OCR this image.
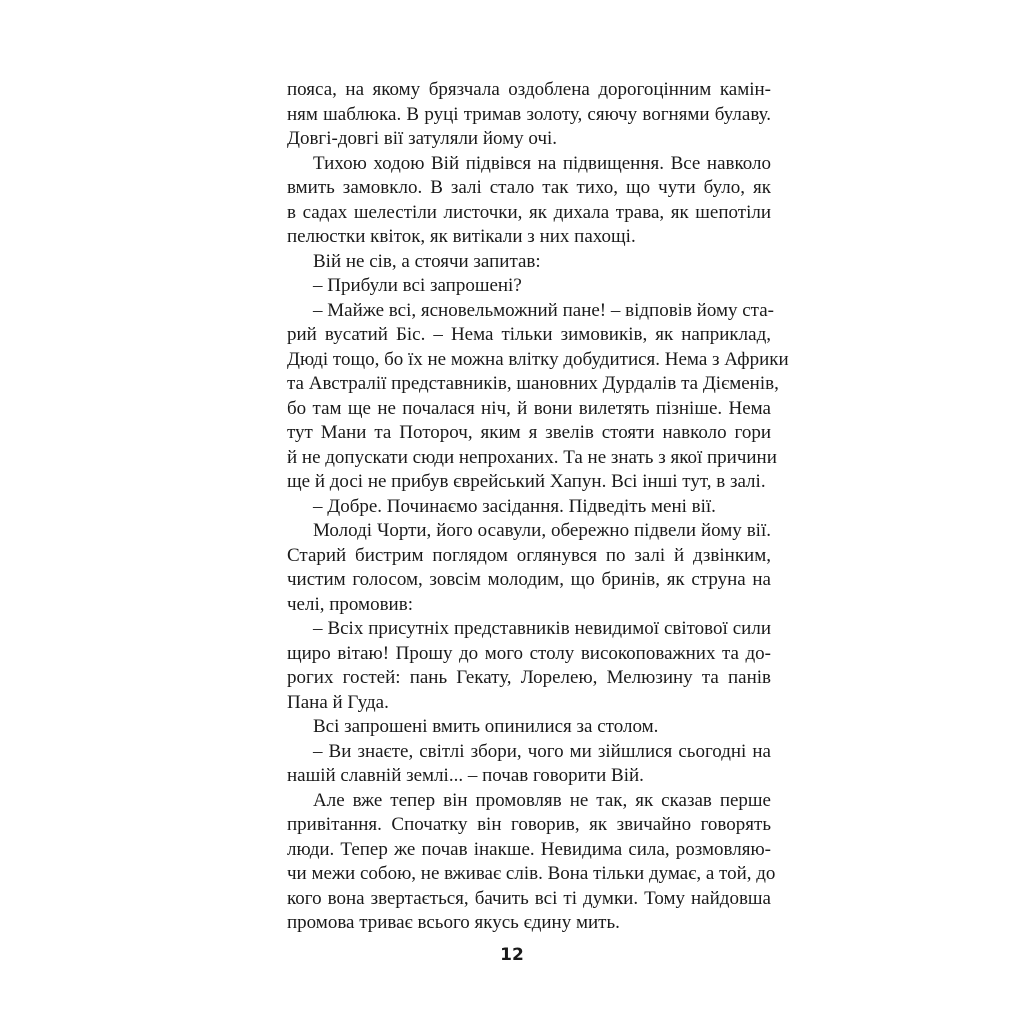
пояса, на якому брязчала оздоблена дорогоцінним камін-
ням шаблюка. В руці тримав золоту, сяючу вогнями булаву.
Довгі-довгі вії затуляли йому очі.
Тихою ходою Вій підвівся на підвищення. Все навколо
вмить замовкло. В залі стало так тихо, що чути було, як
в садах шелестіли листочки, як дихала трава, як шепотіли
пелюстки квіток, як витікали з них пахощі.
Вій не сів, а стоячи запитав:
– Прибули всі запрошені?
– Майже всі, ясновельможний пане! – відповів йому ста-
рий вусатий Біс. – Нема тільки зимовиків, як наприклад,
Дюді тощо, бо їх не можна влітку добудитися. Нема з Африки
та Австралії представників, шановних Дурдалів та Дієменів,
бо там ще не почалася ніч, й вони вилетять пізніше. Нема
тут Мани та Потороч, яким я звелів стояти навколо гори
й не допускати сюди непроханих. Та не знать з якої причини
ще й досі не прибув єврейський Хапун. Всі інші тут, в залі.
– Добре. Починаємо засідання. Підведіть мені вії.
Молоді Чорти, його осавули, обережно підвели йому вії.
Старий бистрим поглядом оглянувся по залі й дзвінким,
чистим голосом, зовсім молодим, що бринів, як струна на
челі, промовив:
– Всіх присутніх представників невидимої світової сили
щиро вітаю! Прошу до мого столу високоповажних та до-
рогих гостей: пань Гекату, Лорелею, Мелюзину та панів
Пана й Гуда.
Всі запрошені вмить опинилися за столом.
– Ви знаєте, світлі збори, чого ми зійшлися сьогодні на
нашій славній землі... – почав говорити Вій.
Але вже тепер він промовляв не так, як сказав перше
привітання. Спочатку він говорив, як звичайно говорять
люди. Тепер же почав інакше. Невидима сила, розмовляю-
чи межи собою, не вживає слів. Вона тільки думає, а той, до
кого вона звертається, бачить всі ті думки. Тому найдовша
промова триває всього якусь єдину мить.
12
